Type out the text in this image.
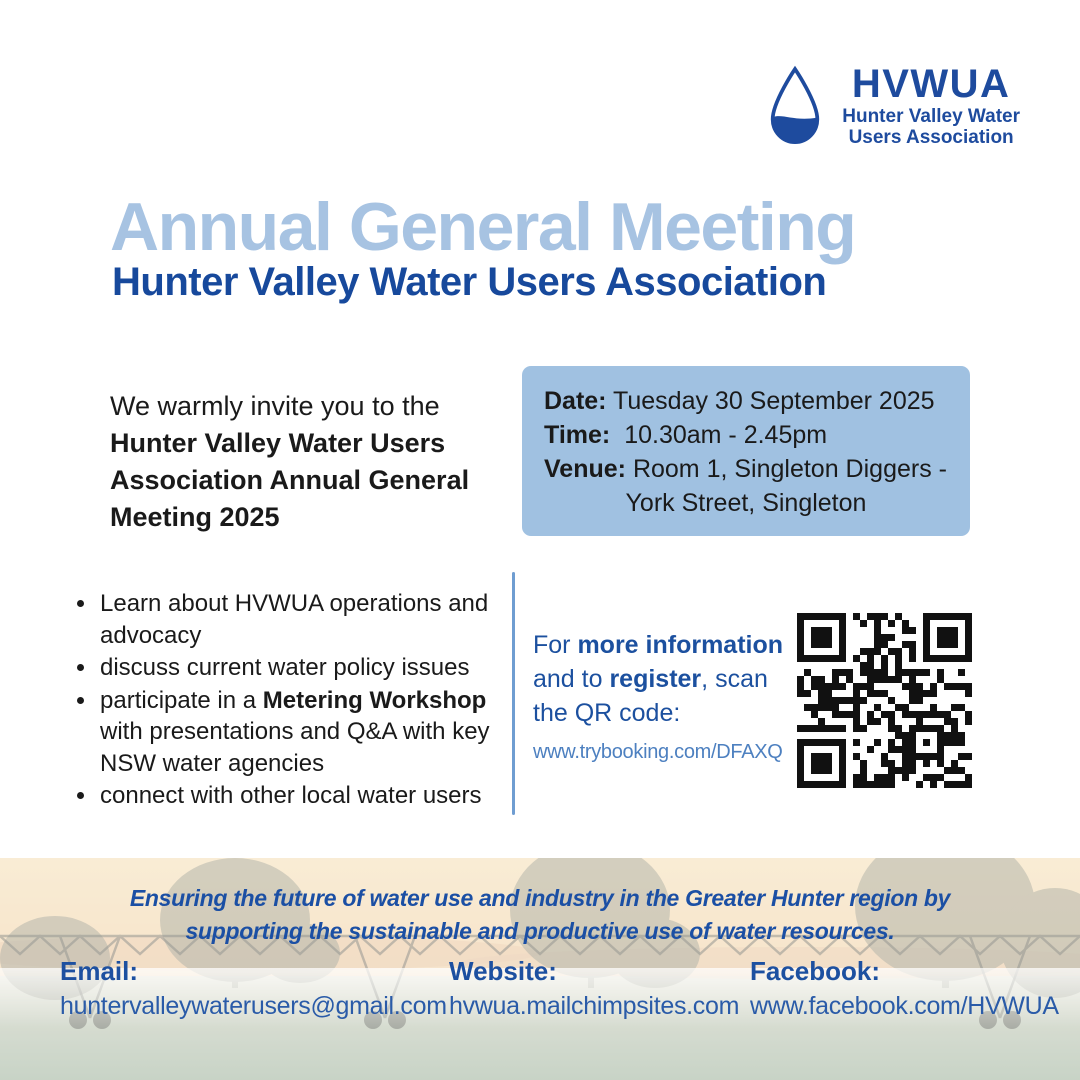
HVWUA
Hunter Valley Water
Users Association
Annual General Meeting
Hunter Valley Water Users Association
We warmly invite you to the Hunter Valley Water Users Association Annual General Meeting 2025
Date: Tuesday 30 September 2025
Time: 10.30am - 2.45pm
Venue: Room 1, Singleton Diggers -
York Street, Singleton
• Learn about HVWUA operations and advocacy
• discuss current water policy issues
• participate in a Metering Workshop with presentations and Q&A with key NSW water agencies
• connect with other local water users
For more information and to register, scan the QR code:
www.trybooking.com/DFAXQ
Ensuring the future of water use and industry in the Greater Hunter region by supporting the sustainable and productive use of water resources.
Email:
huntervalleywaterusers@gmail.com
Website:
hvwua.mailchimpsites.com
Facebook:
www.facebook.com/HVWUA
